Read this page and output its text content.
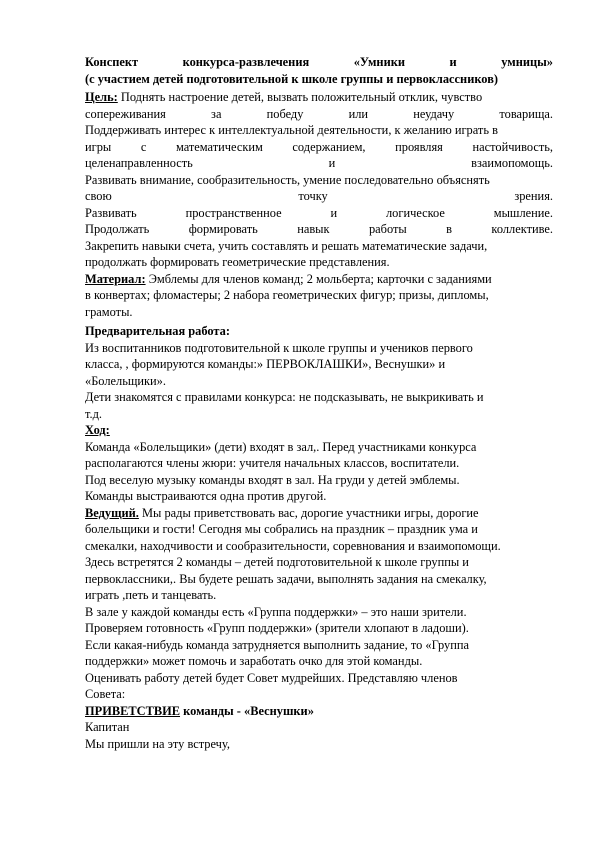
Конспект конкурса-развлечения «Умники и умницы»
(с участием детей подготовительной к школе группы и первоклассников)
Цель: Поднять настроение детей, вызвать положительный отклик, чувство
сопереживания за победу или неудачу товарища.
Поддерживать интерес к интеллектуальной деятельности, к желанию играть в
игры с математическим содержанием, проявляя настойчивость,
целенаправленность и взаимопомощь.
Развивать внимание, сообразительность, умение последовательно объяснять
свою точку зрения.
Развивать пространственное и логическое мышление.
Продолжать формировать навык работы в коллективе.
Закрепить навыки счета, учить составлять и решать математические задачи,
продолжать формировать геометрические представления.
Материал: Эмблемы для членов команд; 2 мольберта; карточки с заданиями
в конвертах; фломастеры; 2 набора геометрических фигур; призы, дипломы,
грамоты.
Предварительная работа:
Из воспитанников подготовительной к школе группы и учеников первого
класса, , формируются команды:» ПЕРВОКЛАШКИ», Веснушки» и
«Болельщики».
Дети знакомятся с правилами конкурса: не подсказывать, не выкрикивать и
т.д.
Ход:
Команда «Болельщики» (дети) входят в зал,. Перед участниками конкурса
располагаются члены жюри: учителя начальных классов, воспитатели.
Под веселую музыку команды входят в зал. На груди у детей эмблемы.
Команды выстраиваются одна против другой.
Ведущий. Мы рады приветствовать вас, дорогие участники игры, дорогие
болельщики и гости! Сегодня мы собрались на праздник – праздник ума и
смекалки, находчивости и сообразительности, соревнования и взаимопомощи.
Здесь встретятся 2 команды – детей подготовительной к школе группы и
первоклассники,. Вы будете решать задачи, выполнять задания на смекалку,
играть ,петь и танцевать.
В зале у каждой команды есть «Группа поддержки» – это наши зрители.
Проверяем готовность «Групп поддержки» (зрители хлопают в ладоши).
Если какая-нибудь команда затрудняется выполнить задание, то «Группа
поддержки» может помочь и заработать очко для этой команды.
Оценивать работу детей будет Совет мудрейших. Представляю членов
Совета:
ПРИВЕТСТВИЕ команды - «Веснушки»
Капитан
Мы пришли на эту встречу,
